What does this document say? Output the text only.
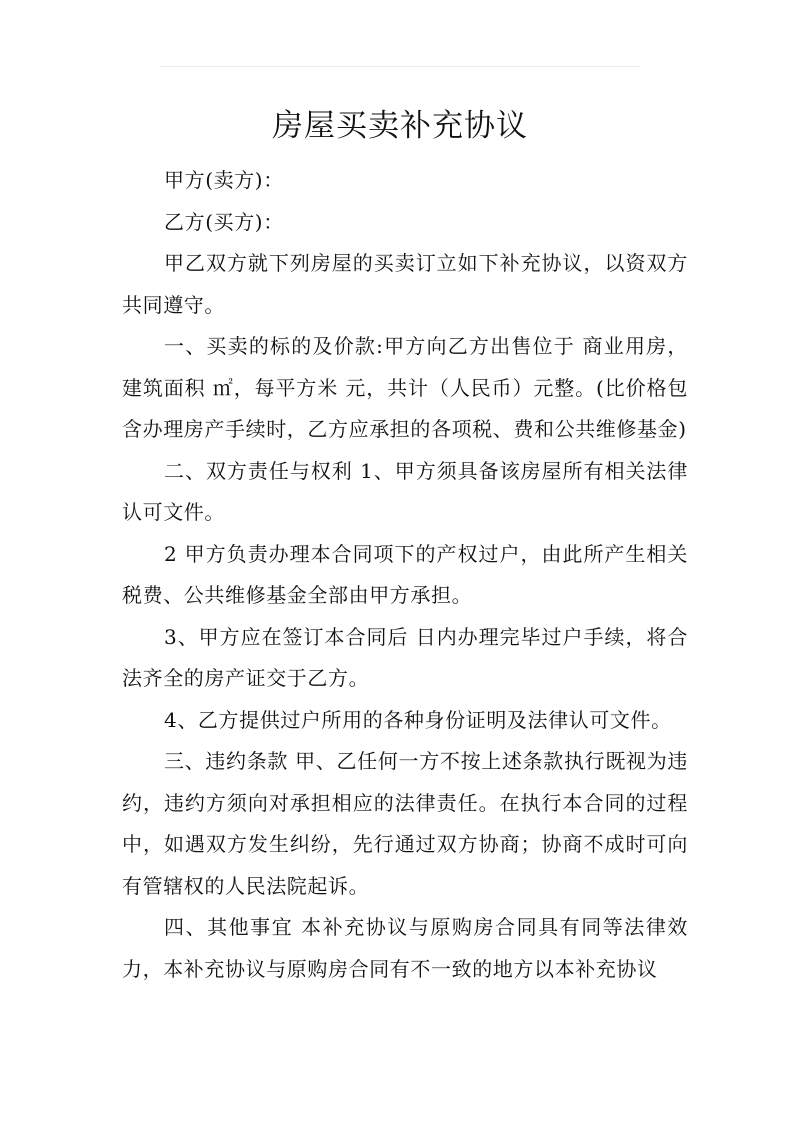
房屋买卖补充协议

甲方(卖方)：

乙方(买方)：

甲乙双方就下列房屋的买卖订立如下补充协议，以资双方共同遵守。

一、买卖的标的及价款:甲方向乙方出售位于 商业用房，建筑面积 ㎡，每平方米 元，共计（人民币）元整。(比价格包含办理房产手续时，乙方应承担的各项税、费和公共维修基金)

二、双方责任与权利 1、甲方须具备该房屋所有相关法律认可文件。

2 甲方负责办理本合同项下的产权过户，由此所产生相关税费、公共维修基金全部由甲方承担。

3、甲方应在签订本合同后 日内办理完毕过户手续，将合法齐全的房产证交于乙方。

4、乙方提供过户所用的各种身份证明及法律认可文件。

三、违约条款 甲、乙任何一方不按上述条款执行既视为违约，违约方须向对承担相应的法律责任。在执行本合同的过程中，如遇双方发生纠纷，先行通过双方协商；协商不成时可向有管辖权的人民法院起诉。

四、其他事宜 本补充协议与原购房合同具有同等法律效力，本补充协议与原购房合同有不一致的地方以本补充协议
